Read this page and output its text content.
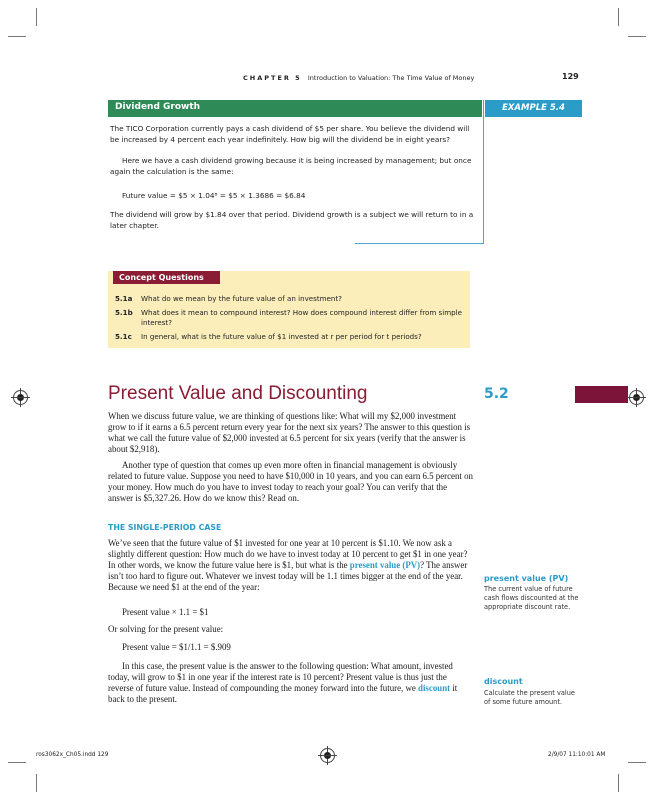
CHAPTER 5 Introduction to Valuation: The Time Value of Money	129
Dividend Growth	EXAMPLE 5.4
The TICO Corporation currently pays a cash dividend of $5 per share. You believe the dividend will be increased by 4 percent each year indefinitely. How big will the dividend be in eight years?
Here we have a cash dividend growing because it is being increased by management; but once again the calculation is the same:
Future value = $5 × 1.04⁸ = $5 × 1.3686 = $6.84
The dividend will grow by $1.84 over that period. Dividend growth is a subject we will return to in a later chapter.
Concept Questions
5.1a	What do we mean by the future value of an investment?
5.1b	What does it mean to compound interest? How does compound interest differ from simple interest?
5.1c	In general, what is the future value of $1 invested at r per period for t periods?
Present Value and Discounting	5.2
When we discuss future value, we are thinking of questions like: What will my $2,000 investment grow to if it earns a 6.5 percent return every year for the next six years? The answer to this question is what we call the future value of $2,000 invested at 6.5 percent for six years (verify that the answer is about $2,918).
Another type of question that comes up even more often in financial management is obviously related to future value. Suppose you need to have $10,000 in 10 years, and you can earn 6.5 percent on your money. How much do you have to invest today to reach your goal? You can verify that the answer is $5,327.26. How do we know this? Read on.
THE SINGLE-PERIOD CASE
We’ve seen that the future value of $1 invested for one year at 10 percent is $1.10. We now ask a slightly different question: How much do we have to invest today at 10 percent to get $1 in one year? In other words, we know the future value here is $1, but what is the present value (PV)? The answer isn’t too hard to figure out. Whatever we invest today will be 1.1 times bigger at the end of the year. Because we need $1 at the end of the year:
Present value × 1.1 = $1
Or solving for the present value:
Present value = $1/1.1 = $.909
In this case, the present value is the answer to the following question: What amount, invested today, will grow to $1 in one year if the interest rate is 10 percent? Present value is thus just the reverse of future value. Instead of compounding the money forward into the future, we discount it back to the present.
present value (PV)
The current value of future cash flows discounted at the appropriate discount rate.
discount
Calculate the present value of some future amount.
ros3062x_Ch05.indd 129	2/9/07 11:10:01 AM
